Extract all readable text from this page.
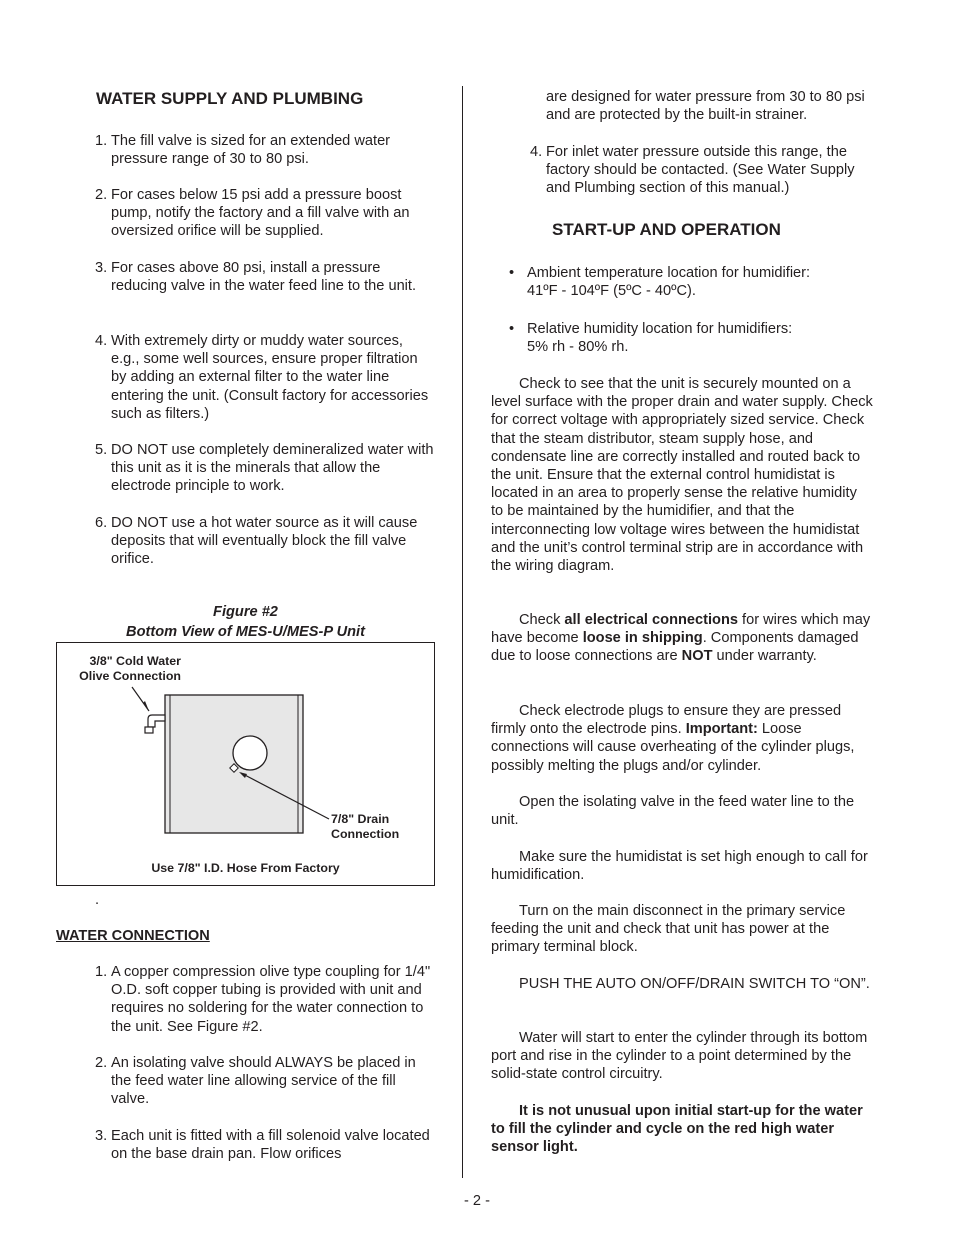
WATER SUPPLY AND PLUMBING
1. The fill valve is sized for an extended water pressure range of 30 to 80 psi.
2. For cases below 15 psi add a pressure boost pump, notify the factory and a fill valve with an oversized orifice will be supplied.
3. For cases above 80 psi, install a pressure reducing valve in the water feed line to the unit.
4. With extremely dirty or muddy water sources, e.g., some well sources, ensure proper filtration by adding an external filter to the water line entering the unit. (Consult factory for accessories such as filters.)
5. DO NOT use completely demineralized water with this unit as it is the minerals that allow the electrode principle to work.
6. DO NOT use a hot water source as it will cause deposits that will eventually block the fill valve orifice.
Figure #2
Bottom View of MES-U/MES-P Unit
3/8" Cold Water
Olive Connection
7/8" Drain
Connection
Use 7/8" I.D. Hose From Factory
.
WATER CONNECTION
1. A copper compression olive type coupling for 1/4" O.D. soft copper tubing is provided with unit and requires no soldering for the water connection to the unit. See Figure #2.
2. An isolating valve should ALWAYS be placed in the feed water line allowing service of the fill valve.
3. Each unit is fitted with a fill solenoid valve located on the base drain pan. Flow orifices
are designed for water pressure from 30 to 80 psi and are protected by the built-in strainer.
4. For inlet water pressure outside this range, the factory should be contacted. (See Water Supply and Plumbing section of this manual.)
START-UP AND OPERATION
• Ambient temperature location for humidifier:
41ºF - 104ºF (5ºC - 40ºC).
• Relative humidity location for humidifiers:
5% rh - 80% rh.
Check to see that the unit is securely mounted on a level surface with the proper drain and water supply. Check for correct voltage with appropriately sized service. Check that the steam distributor, steam supply hose, and condensate line are correctly installed and routed back to the unit. Ensure that the external control humidistat is located in an area to properly sense the relative humidity to be maintained by the humidifier, and that the interconnecting low voltage wires between the humidistat and the unit’s control terminal strip are in accordance with the wiring diagram.
Check all electrical connections for wires which may have become loose in shipping. Components damaged due to loose connections are NOT under warranty.
Check electrode plugs to ensure they are pressed firmly onto the electrode pins. Important: Loose connections will cause overheating of the cylinder plugs, possibly melting the plugs and/or cylinder.
Open the isolating valve in the feed water line to the unit.
Make sure the humidistat is set high enough to call for humidification.
Turn on the main disconnect in the primary service feeding the unit and check that unit has power at the primary terminal block.
PUSH THE AUTO ON/OFF/DRAIN SWITCH TO “ON”.
Water will start to enter the cylinder through its bottom port and rise in the cylinder to a point determined by the solid-state control circuitry.
It is not unusual upon initial start-up for the water to fill the cylinder and cycle on the red high water sensor light.
- 2 -
